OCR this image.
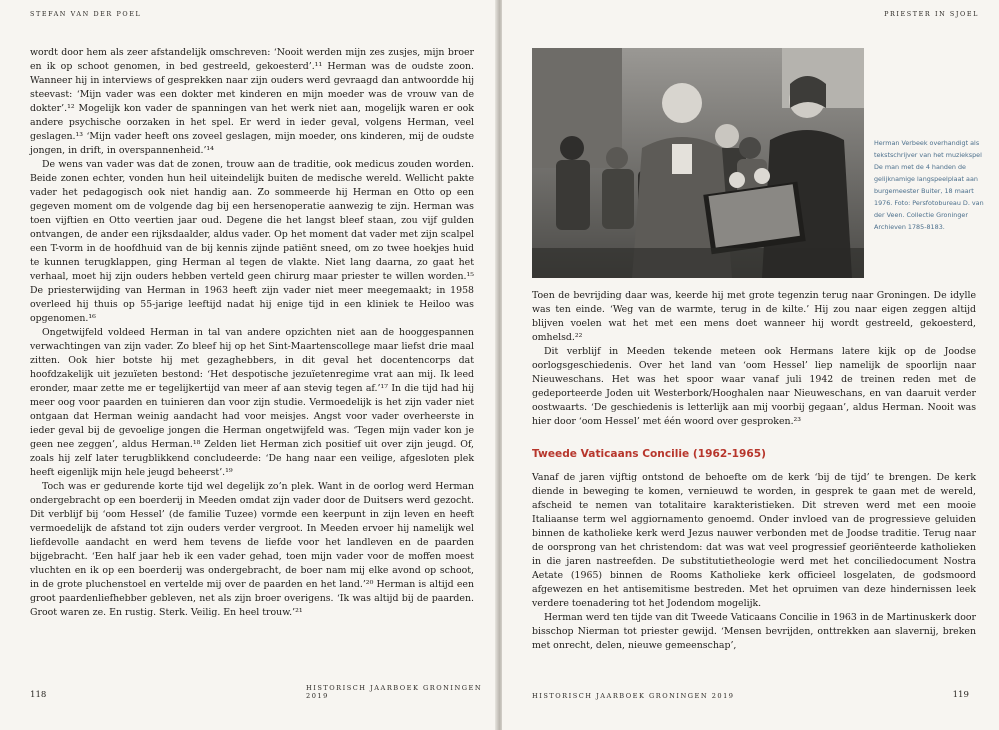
STEFAN VAN DER POEL

wordt door hem als zeer afstandelijk omschreven: ‘Nooit werden mijn zes zusjes, mijn broer en ik op schoot genomen, in bed gestreeld, gekoesterd’.¹¹ Herman was de oudste zoon. Wanneer hij in interviews of gesprekken naar zijn ouders werd gevraagd dan antwoordde hij steevast: ‘Mijn vader was een dokter met kinderen en mijn moeder was de vrouw van de dokter’.¹² Mogelijk kon vader de spanningen van het werk niet aan, mogelijk waren er ook andere psychische oorzaken in het spel. Er werd in ieder geval, volgens Herman, veel geslagen.¹³ ‘Mijn vader heeft ons zoveel geslagen, mijn moeder, ons kinderen, mij de oudste jongen, in drift, in overspannenheid.’¹⁴

De wens van vader was dat de zonen, trouw aan de traditie, ook medicus zouden worden. Beide zonen echter, vonden hun heil uiteindelijk buiten de medische wereld. Wellicht pakte vader het pedagogisch ook niet handig aan. Zo sommeerde hij Herman en Otto op een gegeven moment om de volgende dag bij een hersenoperatie aanwezig te zijn. Herman was toen vijftien en Otto veertien jaar oud. Degene die het langst bleef staan, zou vijf gulden ontvangen, de ander een rijksdaalder, aldus vader. Op het moment dat vader met zijn scalpel een T-vorm in de hoofdhuid van de bij kennis zijnde patiënt sneed, om zo twee hoekjes huid te kunnen terugklappen, ging Herman al tegen de vlakte. Niet lang daarna, zo gaat het verhaal, moet hij zijn ouders hebben verteld geen chirurg maar priester te willen worden.¹⁵ De priesterwijding van Herman in 1963 heeft zijn vader niet meer meegemaakt; in 1958 overleed hij thuis op 55-jarige leeftijd nadat hij enige tijd in een kliniek te Heiloo was opgenomen.¹⁶

Ongetwijfeld voldeed Herman in tal van andere opzichten niet aan de hooggespannen verwachtingen van zijn vader. Zo bleef hij op het Sint-Maartenscollege maar liefst drie maal zitten. Ook hier botste hij met gezaghebbers, in dit geval het docentencorps dat hoofdzakelijk uit jezuïeten bestond: ‘Het despotische jezuïetenregime vrat aan mij. Ik leed eronder, maar zette me er tegelijkertijd van meer af aan stevig tegen af.’¹⁷ In die tijd had hij meer oog voor paarden en tuinieren dan voor zijn studie. Vermoedelijk is het zijn vader niet ontgaan dat Herman weinig aandacht had voor meisjes. Angst voor vader overheerste in ieder geval bij de gevoelige jongen die Herman ongetwijfeld was. ‘Tegen mijn vader kon je geen nee zeggen’, aldus Herman.¹⁸ Zelden liet Herman zich positief uit over zijn jeugd. Of, zoals hij zelf later terugblikkend concludeerde: ‘De hang naar een veilige, afgesloten plek heeft eigenlijk mijn hele jeugd beheerst’.¹⁹

Toch was er gedurende korte tijd wel degelijk zo’n plek. Want in de oorlog werd Herman ondergebracht op een boerderij in Meeden omdat zijn vader door de Duitsers werd gezocht. Dit verblijf bij ‘oom Hessel’ (de familie Tuzee) vormde een keerpunt in zijn leven en heeft vermoedelijk de afstand tot zijn ouders verder vergroot. In Meeden ervoer hij namelijk wel liefdevolle aandacht en werd hem tevens de liefde voor het landleven en de paarden bijgebracht. ‘Een half jaar heb ik een vader gehad, toen mijn vader voor de moffen moest vluchten en ik op een boerderij was ondergebracht, de boer nam mij elke avond op schoot, in de grote pluchenstoel en vertelde mij over de paarden en het land.’²⁰ Herman is altijd een groot paardenliefhebber gebleven, net als zijn broer overigens. ‘Ik was altijd bij de paarden. Groot waren ze. En rustig. Sterk. Veilig. En heel trouw.’²¹

118
HISTORISCH JAARBOEK GRONINGEN 2019
PRIESTER IN SJOEL
Herman Verbeek overhandigt als tekstschrijver van het muziekspel De man met de 4 handen de gelijknamige langspeelplaat aan burgemeester Buiter, 18 maart 1976. Foto: Persfotobureau D. van der Veen. Collectie Groninger Archieven 1785-8183.

Toen de bevrijding daar was, keerde hij met grote tegenzin terug naar Groningen. De idylle was ten einde. ‘Weg van de warmte, terug in de kilte.’ Hij zou naar eigen zeggen altijd blijven voelen wat het met een mens doet wanneer hij wordt gestreeld, gekoesterd, omhelsd.²²

Dit verblijf in Meeden tekende meteen ook Hermans latere kijk op de Joodse oorlogsgeschiedenis. Over het land van ‘oom Hessel’ liep namelijk de spoorlijn naar Nieuweschans. Het was het spoor waar vanaf juli 1942 de treinen reden met de gedeporteerde Joden uit Westerbork/Hooghalen naar Nieuweschans, en van daaruit verder oostwaarts. ‘De geschiedenis is letterlijk aan mij voorbij gegaan’, aldus Herman. Nooit was hier door ‘oom Hessel’ met één woord over gesproken.²³

Tweede Vaticaans Concilie (1962-1965)

Vanaf de jaren vijftig ontstond de behoefte om de kerk ‘bij de tijd’ te brengen. De kerk diende in beweging te komen, vernieuwd te worden, in gesprek te gaan met de wereld, afscheid te nemen van totalitaire karakteristieken. Dit streven werd met een mooie Italiaanse term wel aggiornamento genoemd. Onder invloed van de progressieve geluiden binnen de katholieke kerk werd Jezus nauwer verbonden met de Joodse traditie. Terug naar de oorsprong van het christendom: dat was wat veel progressief georiënteerde katholieken in die jaren nastreefden. De substitutietheologie werd met het conciliedocument Nostra Aetate (1965) binnen de Rooms Katholieke kerk officieel losgelaten, de godsmoord afgewezen en het antisemitisme bestreden. Met het opruimen van deze hindernissen leek verdere toenadering tot het Jodendom mogelijk.

Herman werd ten tijde van dit Tweede Vaticaans Concilie in 1963 in de Martinuskerk door bisschop Nierman tot priester gewijd. ‘Mensen bevrijden, onttrekken aan slavernij, breken met onrecht, delen, nieuwe gemeenschap’,

HISTORISCH JAARBOEK GRONINGEN 2019	119
